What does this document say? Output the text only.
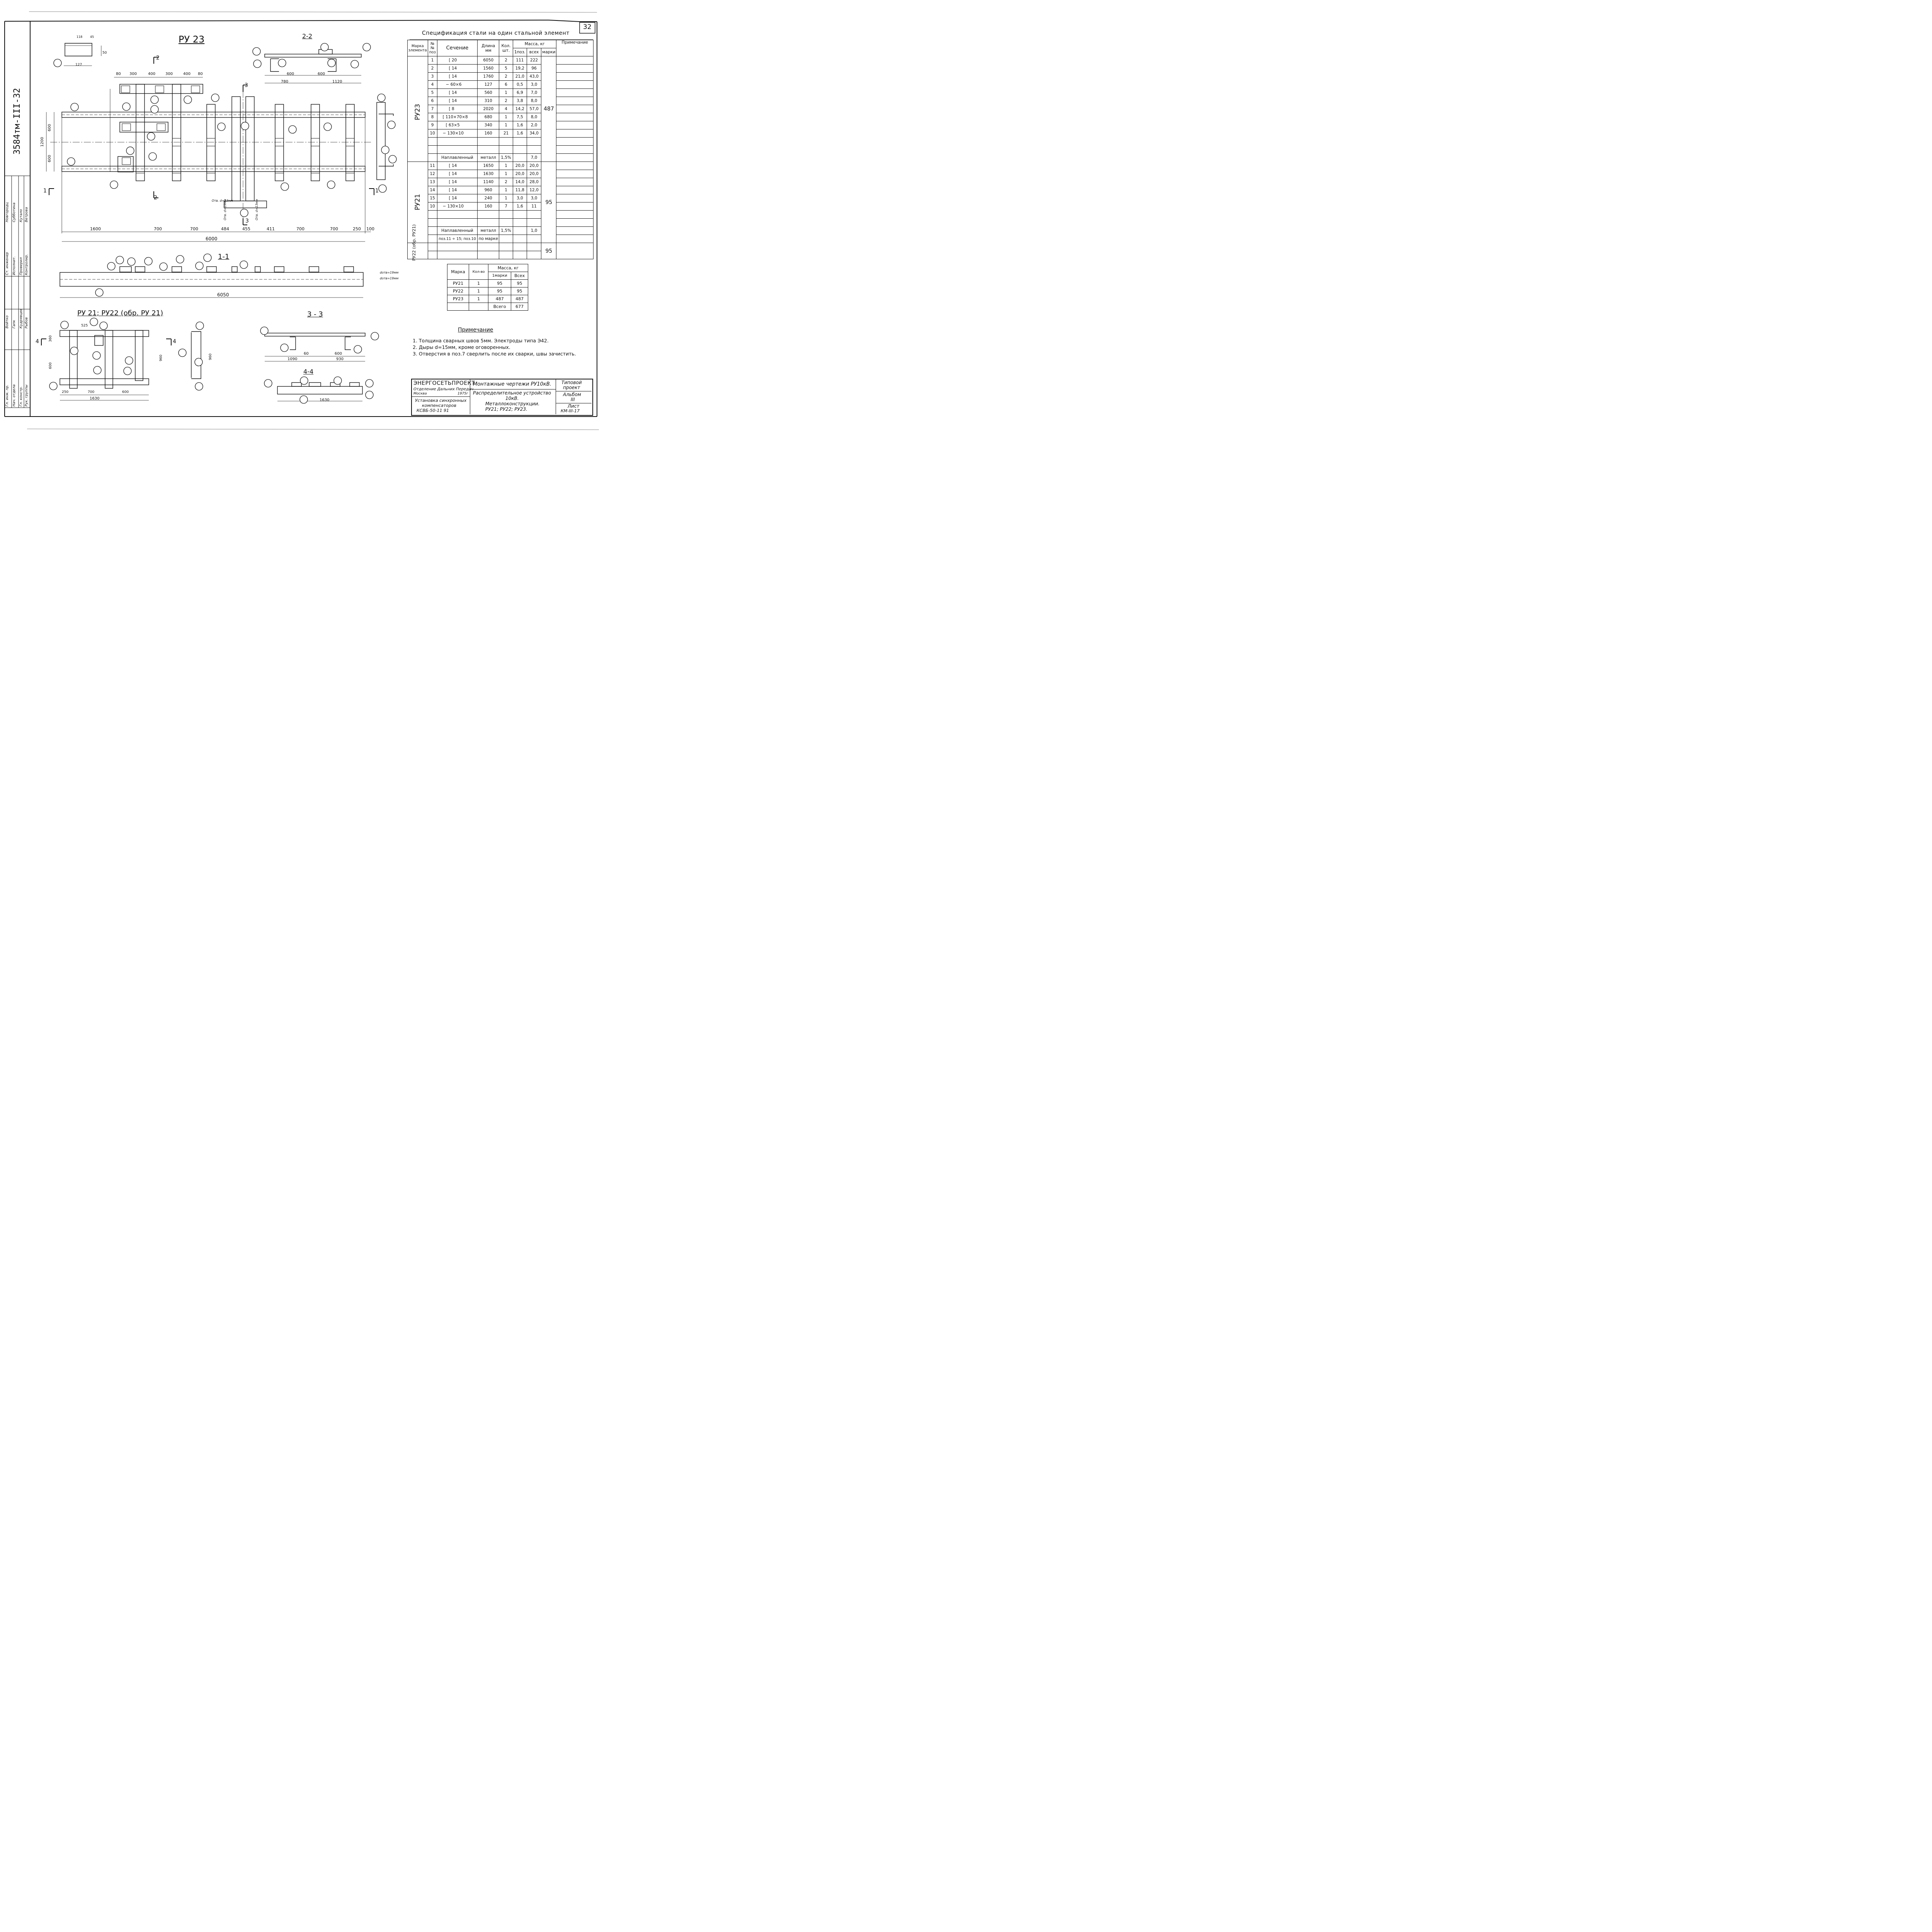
32
3584тм-III-32
Гл. инж. пр. Нач. отдела Гл. констр. Рук. группы
Ст. инженер Исполнит. Проверил Контролир.
Войтко Гапк Кудрявцев Рыбов
Новгородц Субботина Кутало Ветрова
РУ 23	2-2
1-1
РУ 21; РУ22 (обр. РУ 21)	3 - 3
4-4
118 45
127
50
80 300	400	300	400 80
1600	700	700	484	455	411	700	700	250 100
6000
6050
600
1200
600
600	600
780	1120
60	600
1090	930
525
360
960
600
700	600
250
1630
960
1630
Отв. d=13мм
Отв. d=19мм	Отв. d=13мм
dотв=19мм
dотв=19мм
2
2
3
3
1	1
4	4
Спецификация стали на один стальной элемент
Марка элемента	№№ поз	Сечение	Длина мм	Кол. шт.	Масса, кг			Примечание
					1поз.	всех	марки	

РУ23	1	[ 20	6050	2	111	222	487	
	2	[ 14	1560	5	19,2	96		
	3	[ 14	1760	2	21,0	43,0		
	4	− 60×6	127	6	0,5	3,0		
	5	[ 14	560	1	6,9	7,0		
	6	[ 14	310	2	3,8	8,0		
	7	[ 8	2020	4	14,2	57,0		
	8	[ 110×70×8	680	1	7,5	8,0		
	9	[ 63×5	340	1	1,6	2,0		
	10	− 130×10	160	21	1,6	34,0		

		Наплавленный	металл	1,5%		7,0		

РУ21	11	[ 14	1650	1	20,0	20,0	95	
	12	[ 14	1630	1	20,0	20,0		
	13	[ 14	1140	2	14,0	28,0		
	14	[ 14	960	1	11,8	12,0		
	15	[ 14	240	1	3,0	3,0		
	10	− 130×10	160	7	1,6	11		

		Наплавленный	металл	1,5%		1,0		
		поз.11 ÷ 15; поз.10	по марке					

РУ22 (обр. РУ21)							95	

Марка	Кол-во	Масса, кг	
		1марки	Всех
РУ21	1	95	95
РУ22	1	95	95
РУ23	1	487	487
		Всего	677
Примечание
1. Толщина сварных швов 5мм. Электроды типа Э42.
2. Дыры d=15мм, кроме оговоренных.
3. Отверстия в поз.7 сверлить после их сварки, швы зачистить.
ЭНЕРГОСЕТЬПРОЕКТ
Отделение Дальних Передач
Москва	1975г
Установка синхронных
компенсаторов
КСВБ-50-11 91
Монтажные чертежи РУ10кВ.
Распределительное устройство
10кВ.
Металлоконструкции.
РУ21; РУ22; РУ23.
Типовой
проект
Альбом
III
Лист
КМ-III-17
